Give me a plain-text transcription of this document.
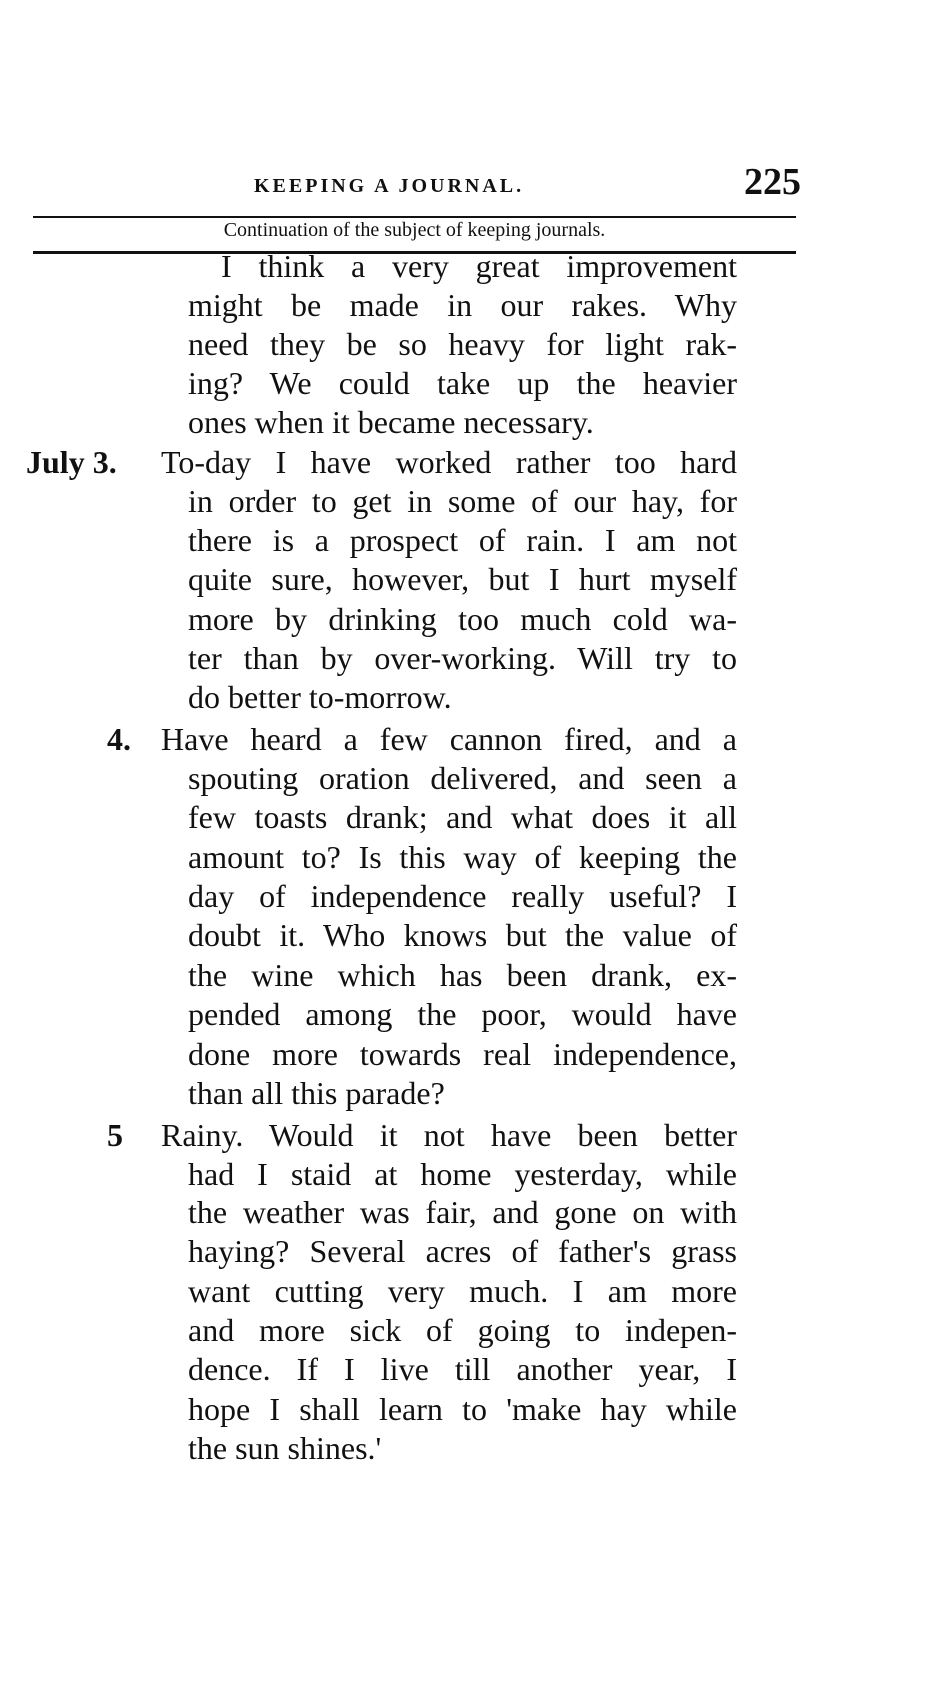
KEEPING A JOURNAL.	225
Continuation of the subject of keeping journals.
I think a very great improvement
might be made in our rakes. Why
need they be so heavy for light rak-
ing? We could take up the heavier
ones when it became necessary.
July 3. To-day I have worked rather too hard
in order to get in some of our hay, for
there is a prospect of rain. I am not
quite sure, however, but I hurt myself
more by drinking too much cold wa-
ter than by over-working. Will try to
do better to-morrow.
4. Have heard a few cannon fired, and a
spouting oration delivered, and seen a
few toasts drank; and what does it all
amount to? Is this way of keeping the
day of independence really useful? I
doubt it. Who knows but the value of
the wine which has been drank, ex-
pended among the poor, would have
done more towards real independence,
than all this parade?
5 Rainy. Would it not have been better
had I staid at home yesterday, while
the weather was fair, and gone on with
haying? Several acres of father's grass
want cutting very much. I am more
and more sick of going to indepen-
dence. If I live till another year, I
hope I shall learn to 'make hay while
the sun shines.'
